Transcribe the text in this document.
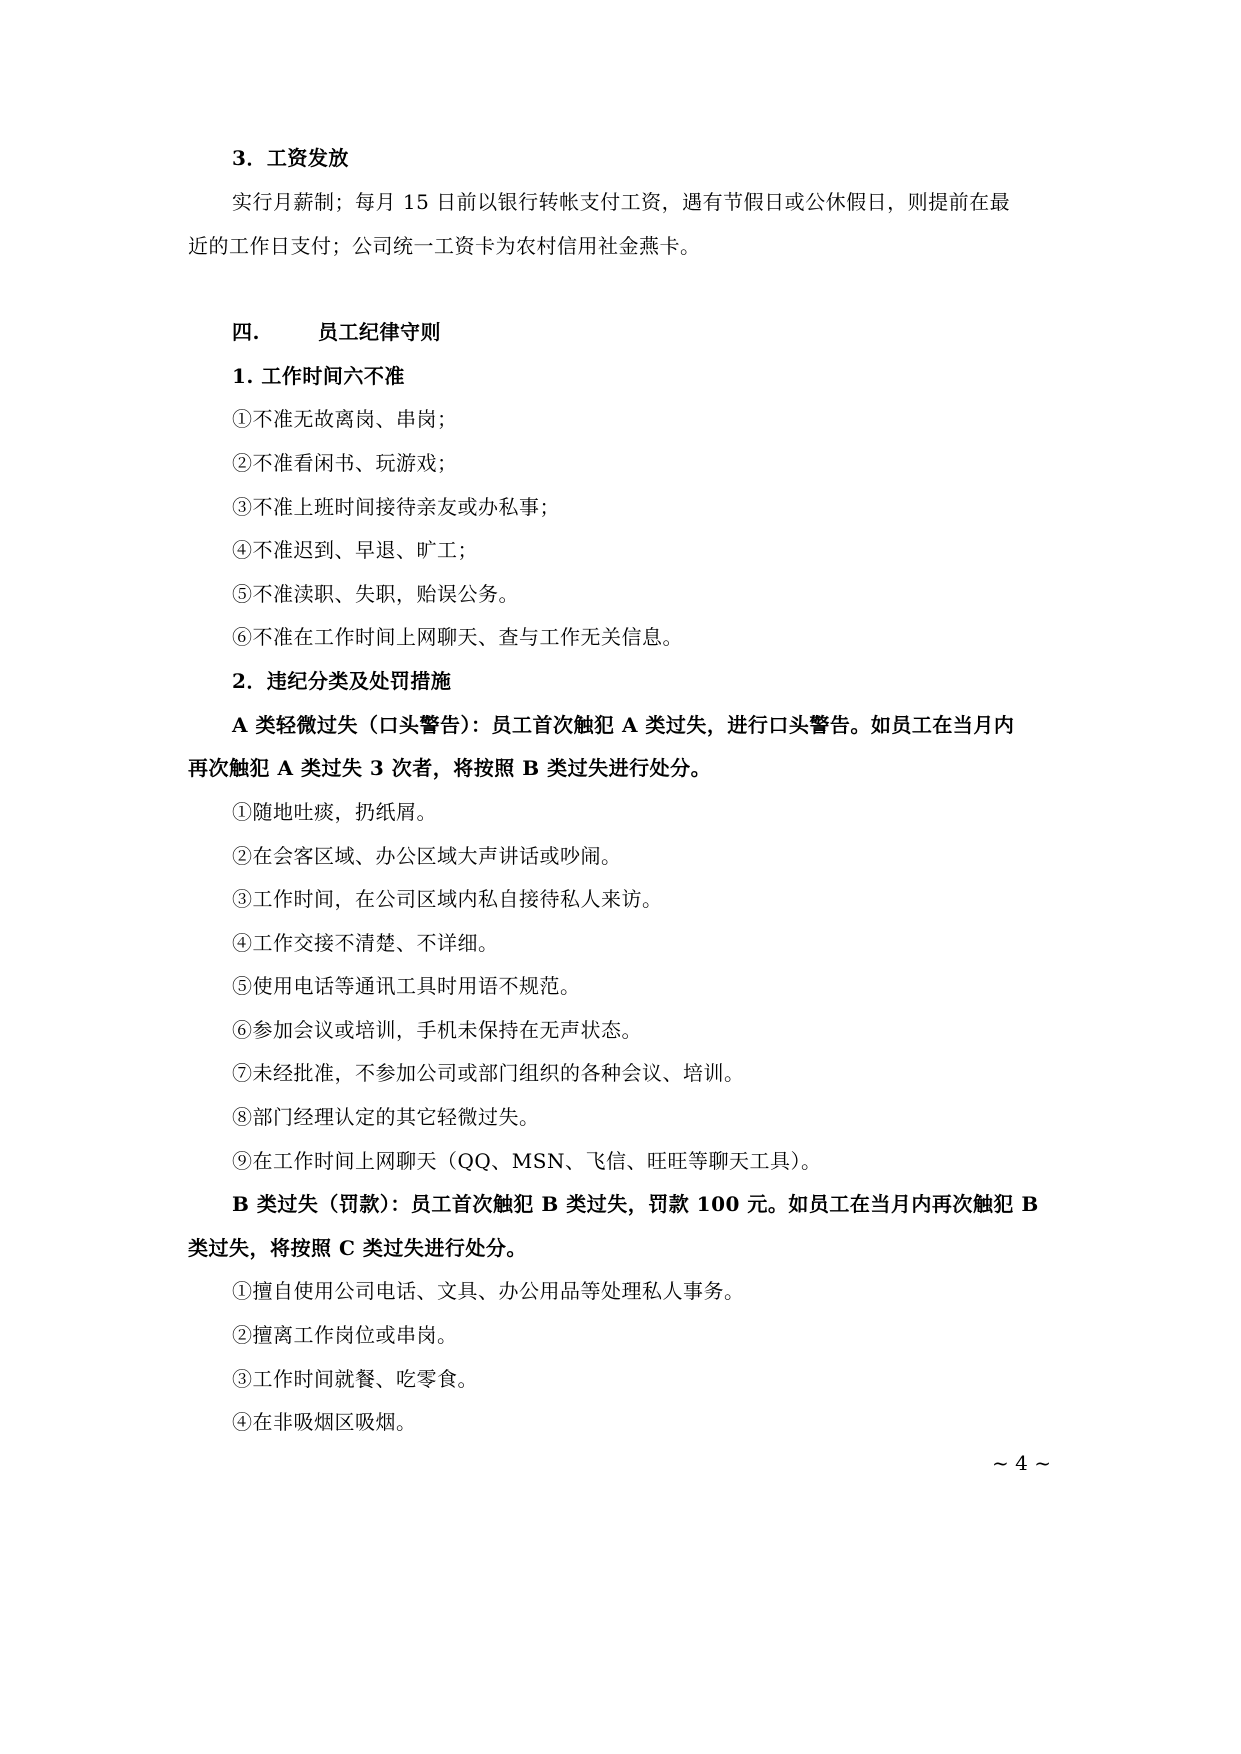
3．工资发放
实行月薪制；每月 15 日前以银行转帐支付工资，遇有节假日或公休假日，则提前在最
近的工作日支付；公司统一工资卡为农村信用社金燕卡。
四.	员工纪律守则
1. 工作时间六不准
①不准无故离岗、串岗；
②不准看闲书、玩游戏；
③不准上班时间接待亲友或办私事；
④不准迟到、早退、旷工；
⑤不准渎职、失职，贻误公务。
⑥不准在工作时间上网聊天、查与工作无关信息。
2．违纪分类及处罚措施
A 类轻微过失（口头警告）：员工首次触犯 A 类过失，进行口头警告。如员工在当月内
再次触犯 A 类过失 3 次者，将按照 B 类过失进行处分。
①随地吐痰，扔纸屑。
②在会客区域、办公区域大声讲话或吵闹。
③工作时间，在公司区域内私自接待私人来访。
④工作交接不清楚、不详细。
⑤使用电话等通讯工具时用语不规范。
⑥参加会议或培训，手机未保持在无声状态。
⑦未经批准，不参加公司或部门组织的各种会议、培训。
⑧部门经理认定的其它轻微过失。
⑨在工作时间上网聊天（QQ、MSN、飞信、旺旺等聊天工具）。
B 类过失（罚款）：员工首次触犯 B 类过失，罚款 100 元。如员工在当月内再次触犯 B
类过失，将按照 C 类过失进行处分。
①擅自使用公司电话、文具、办公用品等处理私人事务。
②擅离工作岗位或串岗。
③工作时间就餐、吃零食。
④在非吸烟区吸烟。
~ 4 ~
